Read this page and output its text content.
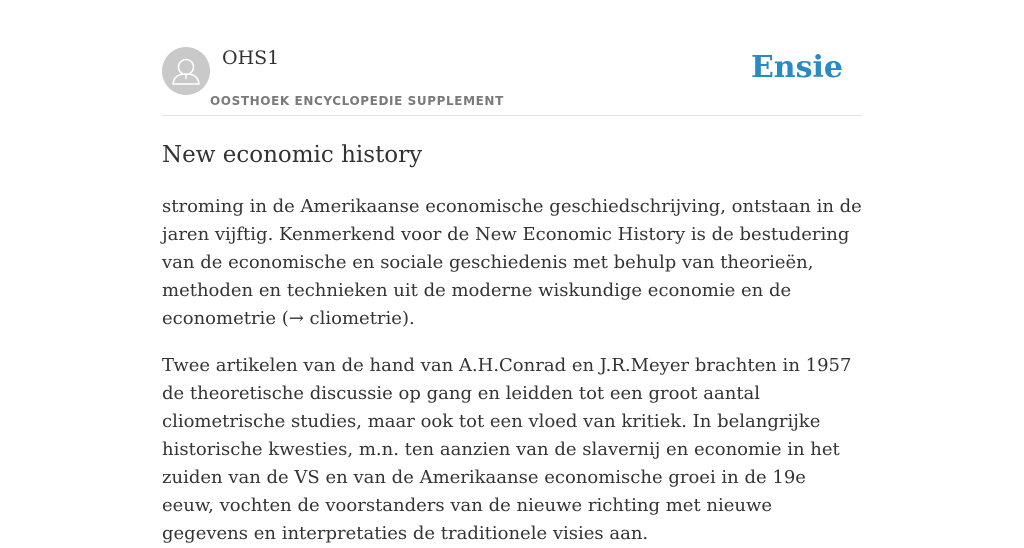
OHS1
OOSTHOEK ENCYCLOPEDIE SUPPLEMENT
Ensie
New economic history

stroming in de Amerikaanse economische geschiedschrijving, ontstaan in de jaren vijftig. Kenmerkend voor de New Economic History is de bestudering van de economische en sociale geschiedenis met behulp van theorieën, methoden en technieken uit de moderne wiskundige economie en de econometrie (→ cliometrie).

Twee artikelen van de hand van A.H.Conrad en J.R.Meyer brachten in 1957 de theoretische discussie op gang en leidden tot een groot aantal cliometrische studies, maar ook tot een vloed van kritiek. In belangrijke historische kwesties, m.n. ten aanzien van de slavernij en economie in het zuiden van de VS en van de Amerikaanse economische groei in de 19e eeuw, vochten de voorstanders van de nieuwe richting met nieuwe gegevens en interpretaties de traditionele visies aan.
